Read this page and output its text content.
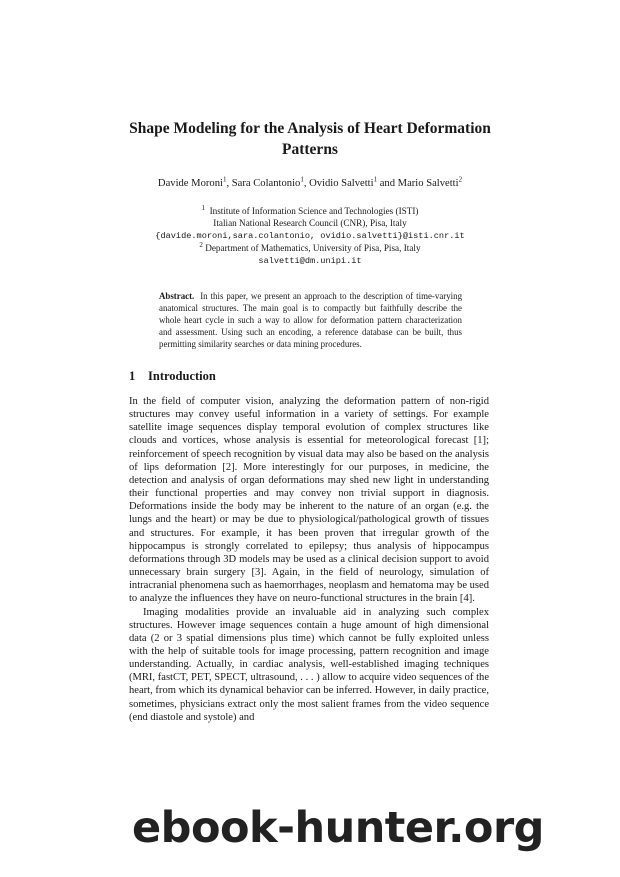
Shape Modeling for the Analysis of Heart Deformation Patterns
Davide Moroni$^1$, Sara Colantonio$^1$, Ovidio Salvetti$^1$ and Mario Salvetti$^2$
$^1$ Institute of Information Science and Technologies (ISTI)
Italian National Research Council (CNR), Pisa, Italy
{davide.moroni,sara.colantonio, ovidio.salvetti}@isti.cnr.it
$^2$ Department of Mathematics, University of Pisa, Pisa, Italy
salvetti@dm.unipi.it
Abstract. In this paper, we present an approach to the description of time-varying anatomical structures. The main goal is to compactly but faithfully describe the whole heart cycle in such a way to allow for deformation pattern characterization and assessment. Using such an encoding, a reference database can be built, thus permitting similarity searches or data mining procedures.
1 Introduction

In the field of computer vision, analyzing the deformation pattern of non-rigid structures may convey useful information in a variety of settings. For example satellite image sequences display temporal evolution of complex structures like clouds and vortices, whose analysis is essential for meteorological forecast [1]; reinforcement of speech recognition by visual data may also be based on the analysis of lips deformation [2]. More interestingly for our purposes, in medicine, the detection and analysis of organ deformations may shed new light in understanding their functional properties and may convey non trivial support in diagnosis. Deformations inside the body may be inherent to the nature of an organ (e.g. the lungs and the heart) or may be due to physiological/pathological growth of tissues and structures. For example, it has been proven that irregular growth of the hippocampus is strongly correlated to epilepsy; thus analysis of hippocampus deformations through 3D models may be used as a clinical decision support to avoid unnecessary brain surgery [3]. Again, in the field of neurology, simulation of intracranial phenomena such as haemorrhages, neoplasm and hematoma may be used to analyze the influences they have on neuro-functional structures in the brain [4].

Imaging modalities provide an invaluable aid in analyzing such complex structures. However image sequences contain a huge amount of high dimensional data (2 or 3 spatial dimensions plus time) which cannot be fully exploited unless with the help of suitable tools for image processing, pattern recognition and image understanding. Actually, in cardiac analysis, well-established imaging techniques (MRI, fastCT, PET, SPECT, ultrasound, . . . ) allow to acquire video sequences of the heart, from which its dynamical behavior can be inferred. However, in daily practice, sometimes, physicians extract only the most salient frames from the video sequence (end diastole and systole) and

ebook-hunter.org
